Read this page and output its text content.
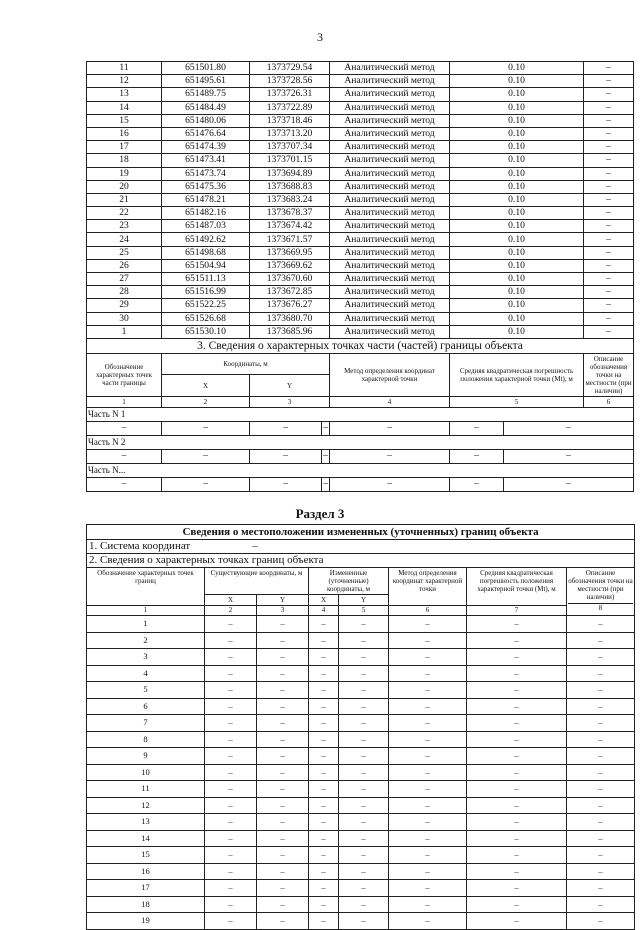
3
11	651501.80	1373729.54		Аналитический метод	0.10		–
12	651495.61	1373728.56		Аналитический метод	0.10		–
13	651489.75	1373726.31		Аналитический метод	0.10		–
14	651484.49	1373722.89		Аналитический метод	0.10		–
15	651480.06	1373718.46		Аналитический метод	0.10		–
16	651476.64	1373713.20		Аналитический метод	0.10		–
17	651474.39	1373707.34		Аналитический метод	0.10		–
18	651473.41	1373701.15		Аналитический метод	0.10		–
19	651473.74	1373694.89		Аналитический метод	0.10		–
20	651475.36	1373688.83		Аналитический метод	0.10		–
21	651478.21	1373683.24		Аналитический метод	0.10		–
22	651482.16	1373678.37		Аналитический метод	0.10		–
23	651487.03	1373674.42		Аналитический метод	0.10		–
24	651492.62	1373671.57		Аналитический метод	0.10		–
25	651498.68	1373669.95		Аналитический метод	0.10		–
26	651504.94	1373669.62		Аналитический метод	0.10		–
27	651511.13	1373670.60		Аналитический метод	0.10		–
28	651516.99	1373672.85		Аналитический метод	0.10		–
29	651522.25	1373676.27		Аналитический метод	0.10		–
30	651526.68	1373680.70		Аналитический метод	0.10		–
1	651530.10	1373685.96		Аналитический метод	0.10		–
3. Сведения о характерных точках части (частей) границы объекта							
Обозначение характерных точек части границы	Координаты, м			Метод определения координат характерной точки	Средняя квадратическая погрешность положения характерной точки (Mt), м		Описание обозначения точки на местности (при наличии)
	X	Y					
1	2	3		4	5		6
Часть N 1							
–	–	–	–	–	–	–	
Часть N 2							
–	–	–	–	–	–	–	
Часть N...							
–	–	–	–	–	–	–	
Раздел 3
Сведения о местоположении измененных (уточненных) границ объекта							
1. Система координат –							
2. Сведения о характерных точках границ объекта							
Обозначение характерных точек границ	Существующие координаты, м		Измененные (уточненные) координаты, м		Метод определения координат характерной точки	Средняя квадратическая погрешность положения характерной точки (Mt), м	Описание обозначения точки на местности (при наличии)
8

	X	Y	X	Y			
1	2	3	4	5	6	7	
1	–	–	–	–	–	–	–
2	–	–	–	–	–	–	–
3	–	–	–	–	–	–	–
4	–	–	–	–	–	–	–
5	–	–	–	–	–	–	–
6	–	–	–	–	–	–	–
7	–	–	–	–	–	–	–
8	–	–	–	–	–	–	–
9	–	–	–	–	–	–	–
10	–	–	–	–	–	–	–
11	–	–	–	–	–	–	–
12	–	–	–	–	–	–	–
13	–	–	–	–	–	–	–
14	–	–	–	–	–	–	–
15	–	–	–	–	–	–	–
16	–	–	–	–	–	–	–
17	–	–	–	–	–	–	–
18	–	–	–	–	–	–	–
19	–	–	–	–	–	–	–
